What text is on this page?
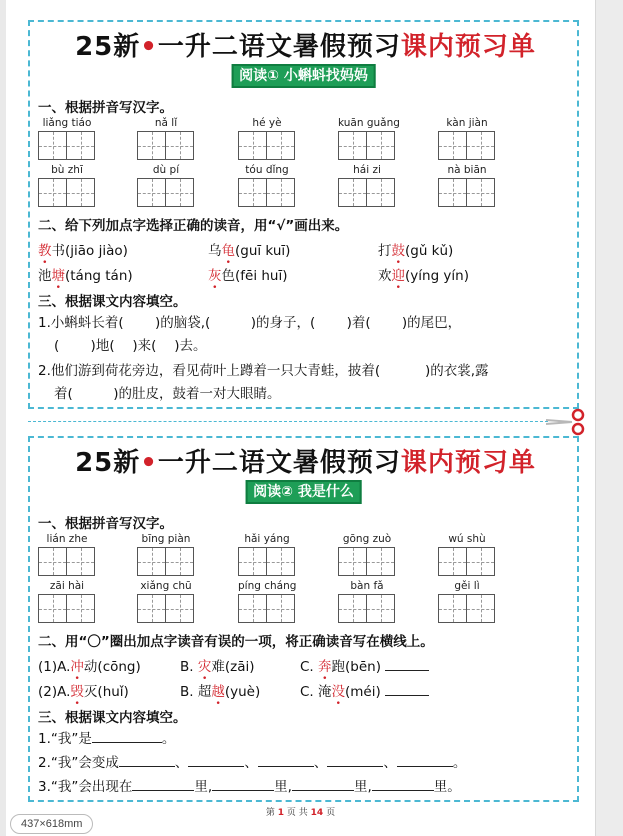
25新•一升二语文暑假预习课内预习单
阅读① 小蝌蚪找妈妈
一、根据拼音写汉字。
liǎng tiáo	nǎ lǐ	hé yè	kuān guǎng	kàn jiàn
bù zhī	dù pí	tóu dǐng	hái zi	nà biān
二、给下列加点字选择正确的读音，用“√”画出来。
教书(jiāo jiào)	乌龟(guī kuī)	打鼓(gǔ kǔ)
池塘(táng tán)	灰色(fēi huī)	欢迎(yíng yín)
三、根据课文内容填空。
1.小蝌蚪长着(　　 )的脑袋,(　　　)的身子，(　　 )着(　　 )的尾巴，
(　　 )地(　 )来(　 )去。
2.他们游到荷花旁边，看见荷叶上蹲着一只大青蛙，披着(　　 　)的衣裳,露
着(　　　)的肚皮，鼓着一对大眼睛。
25新•一升二语文暑假预习课内预习单
阅读② 我是什么
一、根据拼音写汉字。
lián zhe	bīng piàn	hǎi yáng	gōng zuò	wú shù
zāi hài	xiǎng chū	píng cháng	bàn fǎ	gěi lì
二、用“〇”圈出加点字读音有误的一项，将正确读音写在横线上。
(1)A.冲动(cōng)	B. 灾难(zāi)	C. 奔跑(bēn)
(2)A.毁灭(huǐ)	B. 超越(yuè)	C. 淹没(méi)
三、根据课文内容填空。
1.“我”是	。
2.“我”会变成	、	、	、	、	。
3.“我”会出现在	里,	里,	里,	里。
第 1 页 共 14 页
437×618mm
